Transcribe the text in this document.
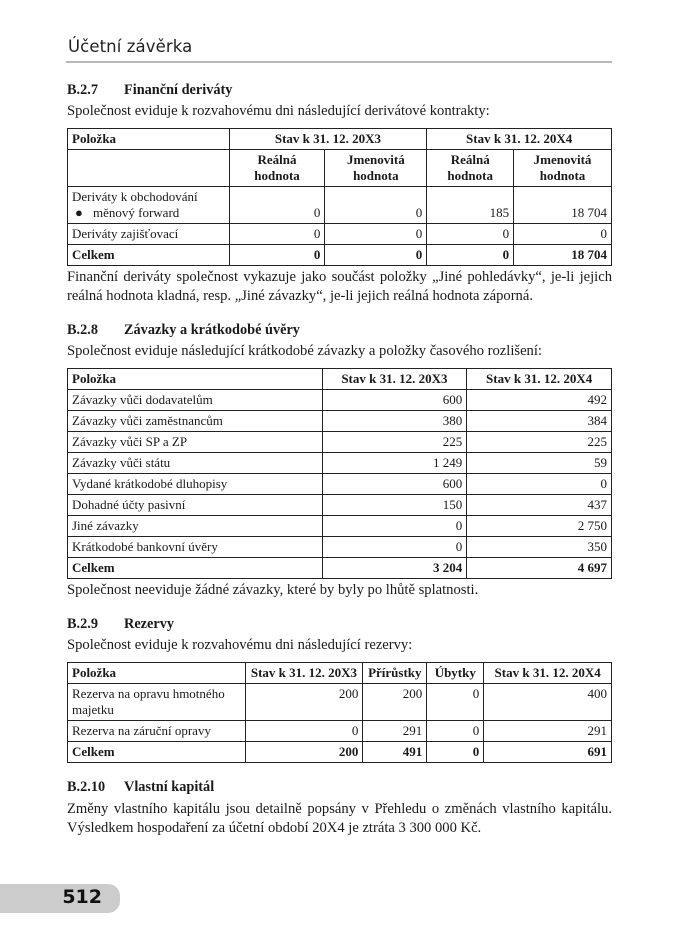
Účetní závěrka
B.2.7 Finanční deriváty

Společnost eviduje k rozvahovému dni následující derivátové kontrakty:

Položka	Stav k 31. 12. 20X3		Stav k 31. 12. 20X4	
	Reálná hodnota	Jmenovitá hodnota	Reálná hodnota	Jmenovitá hodnota

Deriváty k obchodování
● měnový forward	0	0	185	18 704
Deriváty zajišťovací	0	0	0	0
Celkem	0	0	0	18 704

Finanční deriváty společnost vykazuje jako součást položky „Jiné pohledávky“, je-li jejich reálná hodnota kladná, resp. „Jiné závazky“, je-li jejich reálná hodnota záporná.

B.2.8 Závazky a krátkodobé úvěry

Společnost eviduje následující krátkodobé závazky a položky časového rozlišení:

Položka	Stav k 31. 12. 20X3	Stav k 31. 12. 20X4
Závazky vůči dodavatelům	600	492
Závazky vůči zaměstnancům	380	384
Závazky vůči SP a ZP	225	225
Závazky vůči státu	1 249	59
Vydané krátkodobé dluhopisy	600	0
Dohadné účty pasivní	150	437
Jiné závazky	0	2 750
Krátkodobé bankovní úvěry	0	350
Celkem	3 204	4 697

Společnost neeviduje žádné závazky, které by byly po lhůtě splatnosti.

B.2.9 Rezervy

Společnost eviduje k rozvahovému dni následující rezervy:

Položka	Stav k 31. 12. 20X3	Přírůstky	Úbytky	Stav k 31. 12. 20X4
Rezerva na opravu hmotného majetku	200	200	0	400
Rezerva na záruční opravy	0	291	0	291
Celkem	200	491	0	691
B.2.10 Vlastní kapitál

Změny vlastního kapitálu jsou detailně popsány v Přehledu o změnách vlastního kapitálu. Výsledkem hospodaření za účetní období 20X4 je ztráta 3 300 000 Kč.

512
